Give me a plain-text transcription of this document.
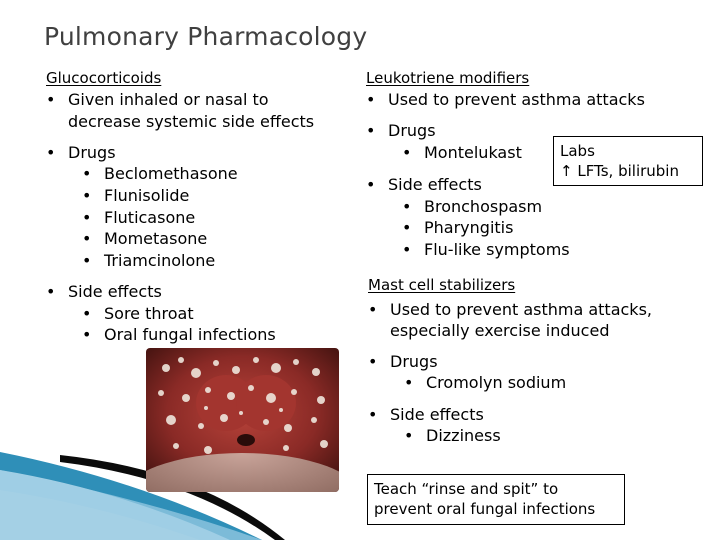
Pulmonary Pharmacology
Glucocorticoids
• Given inhaled or nasal to
decrease systemic side effects
• Drugs
• Beclomethasone
• Flunisolide
• Fluticasone
• Mometasone
• Triamcinolone
• Side effects
• Sore throat
• Oral fungal infections
Leukotriene modifiers
• Used to prevent asthma attacks
• Drugs
• Montelukast
• Side effects
• Bronchospasm
• Pharyngitis
• Flu-like symptoms
Labs
↑ LFTs, bilirubin
Mast cell stabilizers
• Used to prevent asthma attacks,
especially exercise induced
• Drugs
• Cromolyn sodium
• Side effects
• Dizziness
Teach “rinse and spit” to
prevent oral fungal infections
